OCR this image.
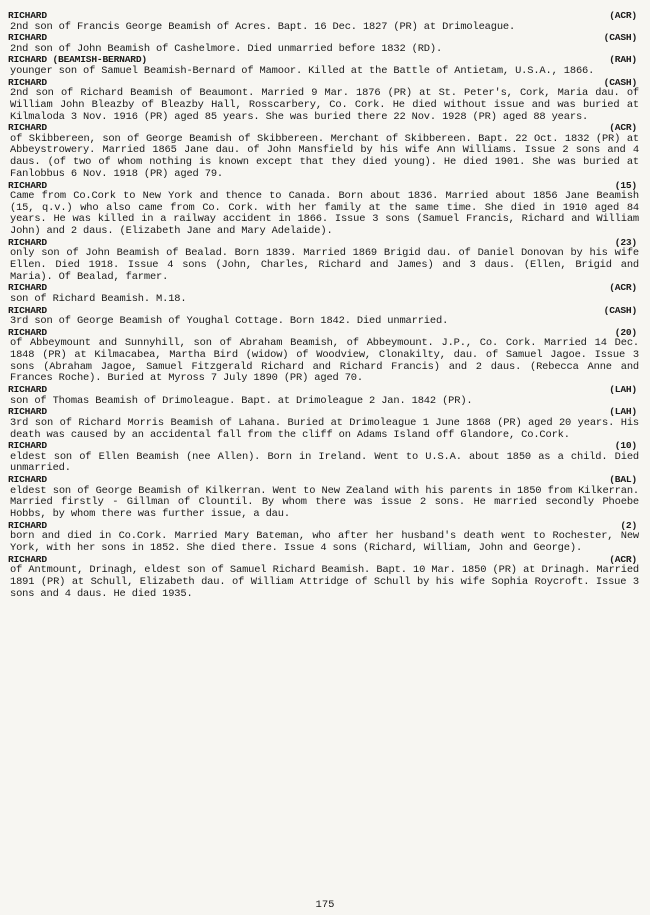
RICHARD	(ACR)
2nd son of Francis George Beamish of Acres. Bapt. 16 Dec. 1827 (PR) at Drimoleague.
RICHARD	(CASH)
2nd son of John Beamish of Cashelmore. Died unmarried before 1832 (RD).
RICHARD (BEAMISH-BERNARD)	(RAH)
younger son of Samuel Beamish-Bernard of Mamoor. Killed at the Battle of Antietam, U.S.A., 1866.
RICHARD	(CASH)
2nd son of Richard Beamish of Beaumont. Married 9 Mar. 1876 (PR) at St. Peter's, Cork, Maria dau. of William John Bleazby of Bleazby Hall, Rosscarbery, Co. Cork. He died without issue and was buried at Kilmaloda 3 Nov. 1916 (PR) aged 85 years. She was buried there 22 Nov. 1928 (PR) aged 88 years.
RICHARD	(ACR)
of Skibbereen, son of George Beamish of Skibbereen. Merchant of Skibbereen. Bapt. 22 Oct. 1832 (PR) at Abbeystrowery. Married 1865 Jane dau. of John Mansfield by his wife Ann Williams. Issue 2 sons and 4 daus. (of two of whom nothing is known except that they died young). He died 1901. She was buried at Fanlobbus 6 Nov. 1918 (PR) aged 79.
RICHARD	(15)
Came from Co.Cork to New York and thence to Canada. Born about 1836. Married about 1856 Jane Beamish (15, q.v.) who also came from Co. Cork. with her family at the same time. She died in 1910 aged 84 years. He was killed in a railway accident in 1866. Issue 3 sons (Samuel Francis, Richard and William John) and 2 daus. (Elizabeth Jane and Mary Adelaide).
RICHARD	(23)
only son of John Beamish of Bealad. Born 1839. Married 1869 Brigid dau. of Daniel Donovan by his wife Ellen. Died 1918. Issue 4 sons (John, Charles, Richard and James) and 3 daus. (Ellen, Brigid and Maria). Of Bealad, farmer.
RICHARD	(ACR)
son of Richard Beamish. M.18.
RICHARD	(CASH)
3rd son of George Beamish of Youghal Cottage. Born 1842. Died unmarried.
RICHARD	(20)
of Abbeymount and Sunnyhill, son of Abraham Beamish, of Abbeymount. J.P., Co. Cork. Married 14 Dec. 1848 (PR) at Kilmacabea, Martha Bird (widow) of Woodview, Clonakilty, dau. of Samuel Jagoe. Issue 3 sons (Abraham Jagoe, Samuel Fitzgerald Richard and Richard Francis) and 2 daus. (Rebecca Anne and Frances Roche). Buried at Myross 7 July 1890 (PR) aged 70.
RICHARD	(LAH)
son of Thomas Beamish of Drimoleague. Bapt. at Drimoleague 2 Jan. 1842 (PR).
RICHARD	(LAH)
3rd son of Richard Morris Beamish of Lahana. Buried at Drimoleague 1 June 1868 (PR) aged 20 years. His death was caused by an accidental fall from the cliff on Adams Island off Glandore, Co.Cork.
RICHARD	(10)
eldest son of Ellen Beamish (nee Allen). Born in Ireland. Went to U.S.A. about 1850 as a child. Died unmarried.
RICHARD	(BAL)
eldest son of George Beamish of Kilkerran. Went to New Zealand with his parents in 1850 from Kilkerran. Married firstly - Gillman of Clountil. By whom there was issue 2 sons. He married secondly Phoebe Hobbs, by whom there was further issue, a dau.
RICHARD	(2)
born and died in Co.Cork. Married Mary Bateman, who after her husband's death went to Rochester, New York, with her sons in 1852. She died there. Issue 4 sons (Richard, William, John and George).
RICHARD	(ACR)
of Antmount, Drinagh, eldest son of Samuel Richard Beamish. Bapt. 10 Mar. 1850 (PR) at Drinagh. Married 1891 (PR) at Schull, Elizabeth dau. of William Attridge of Schull by his wife Sophia Roycroft. Issue 3 sons and 4 daus. He died 1935.
175
